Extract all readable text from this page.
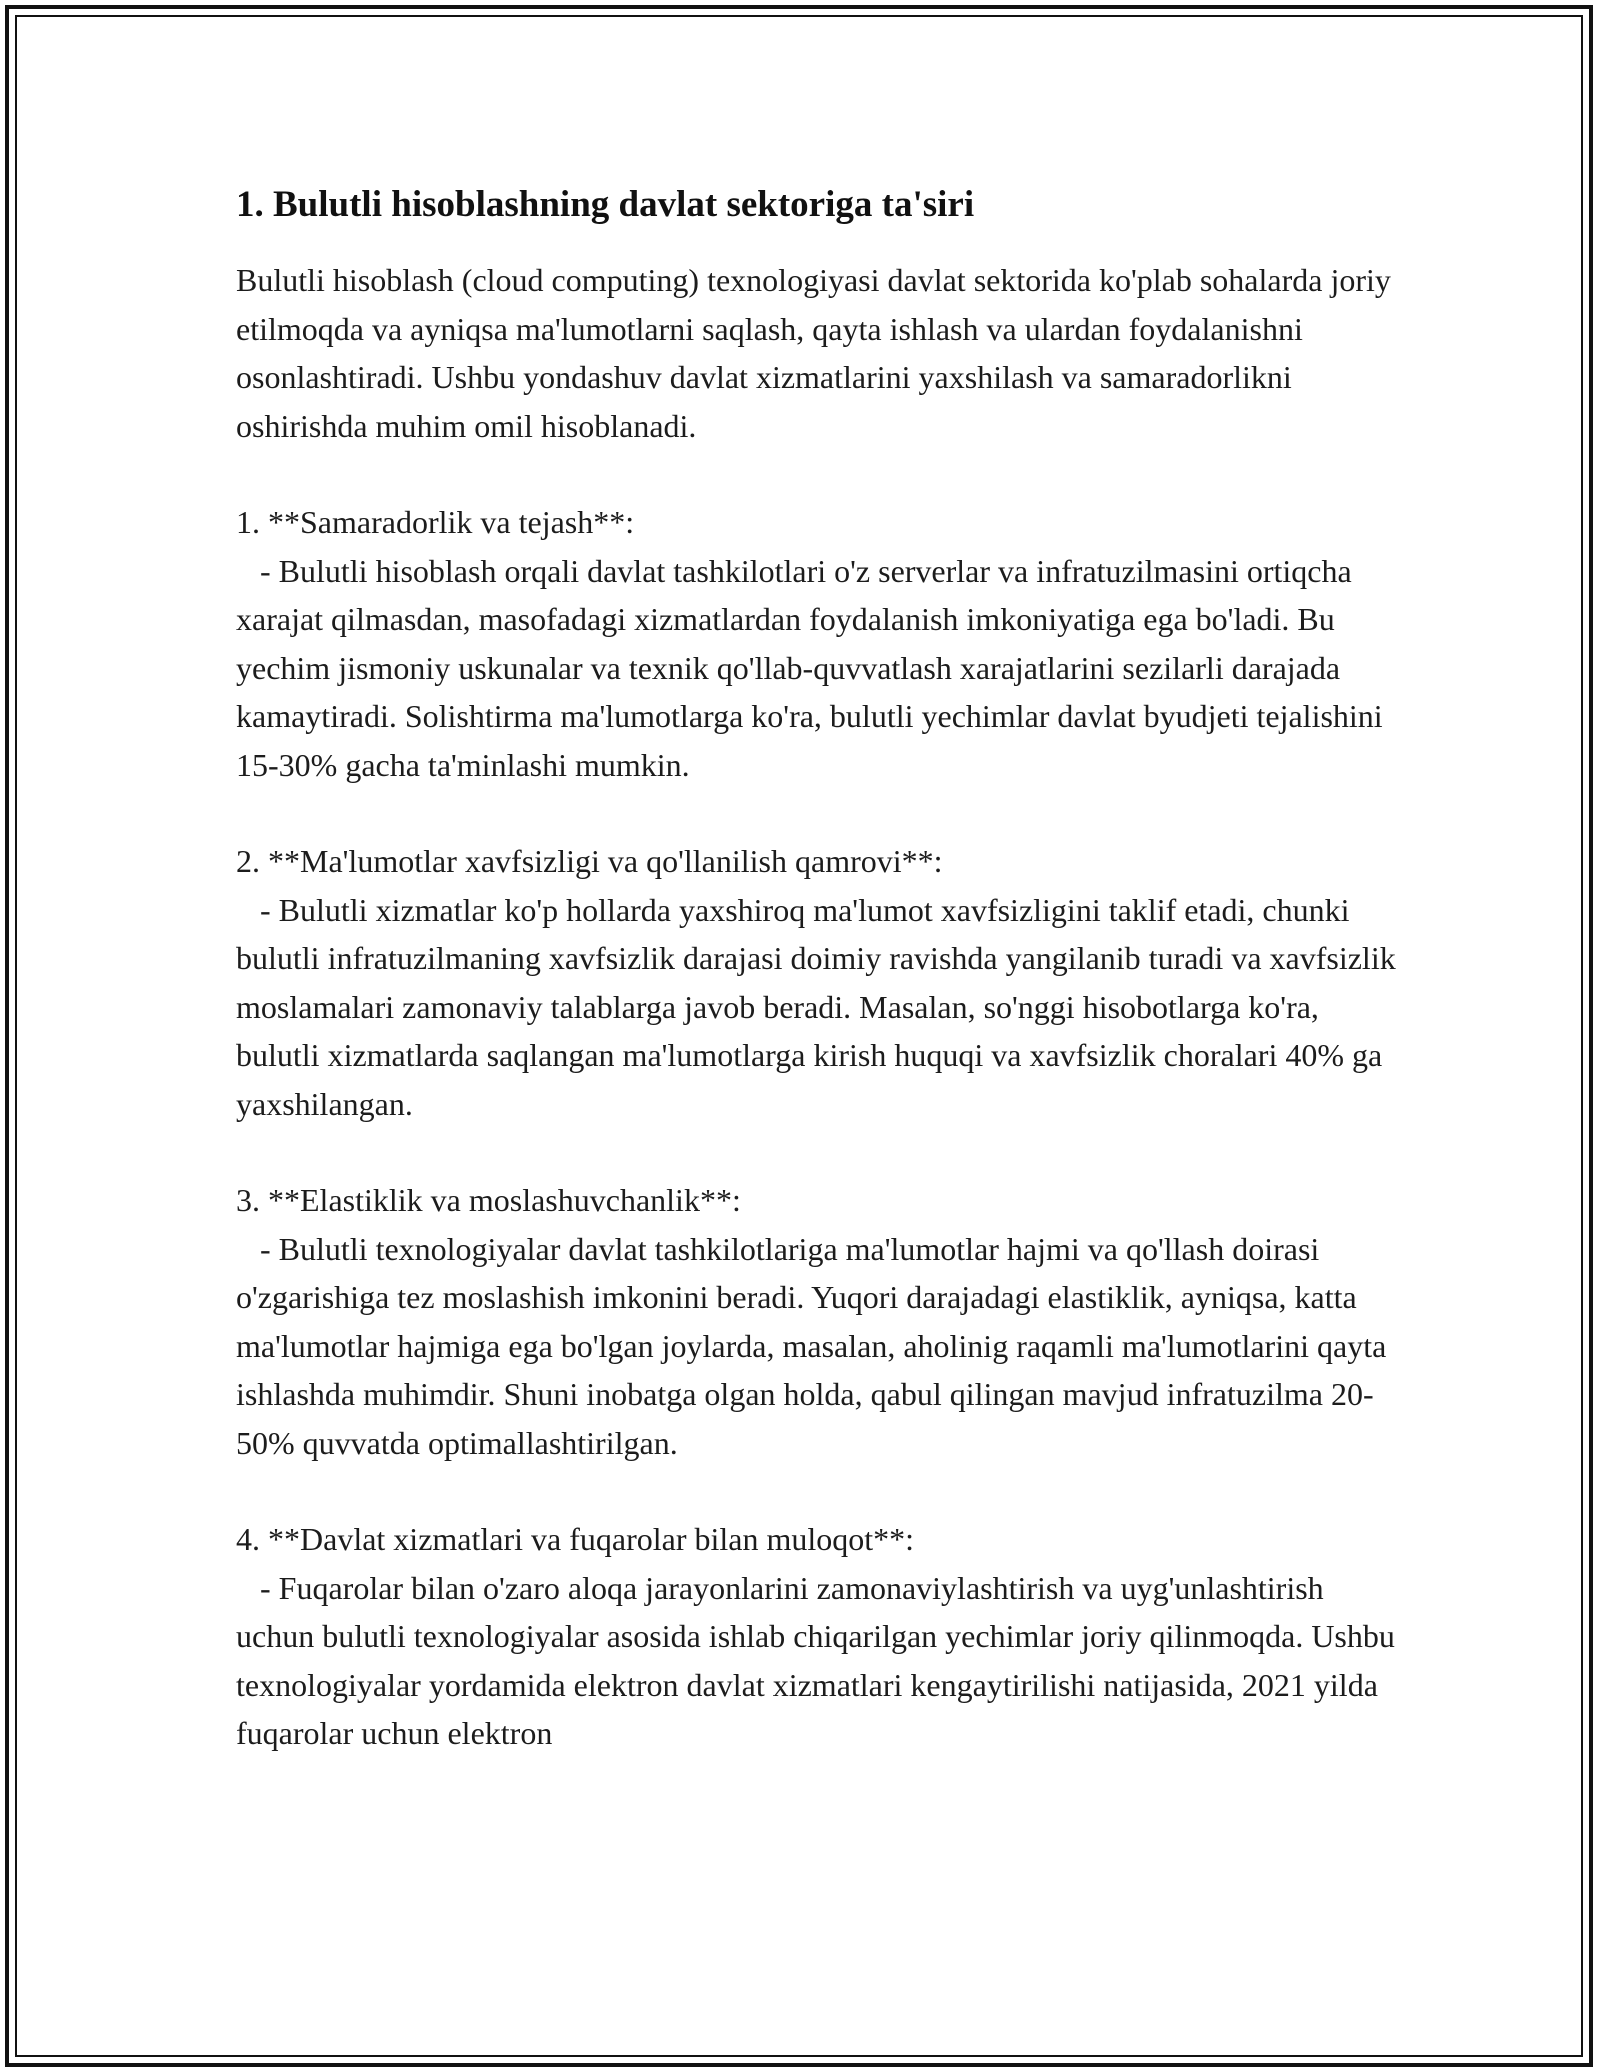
1. Bulutli hisoblashning davlat sektoriga ta'siri

Bulutli hisoblash (cloud computing) texnologiyasi davlat sektorida ko'plab sohalarda joriy etilmoqda va ayniqsa ma'lumotlarni saqlash, qayta ishlash va ulardan foydalanishni osonlashtiradi. Ushbu yondashuv davlat xizmatlarini yaxshilash va samaradorlikni oshirishda muhim omil hisoblanadi.

1. **Samaradorlik va tejash**:
- Bulutli hisoblash orqali davlat tashkilotlari o'z serverlar va infratuzilmasini ortiqcha xarajat qilmasdan, masofadagi xizmatlardan foydalanish imkoniyatiga ega bo'ladi. Bu yechim jismoniy uskunalar va texnik qo'llab-quvvatlash xarajatlarini sezilarli darajada kamaytiradi. Solishtirma ma'lumotlarga ko'ra, bulutli yechimlar davlat byudjeti tejalishini 15-30% gacha ta'minlashi mumkin.

2. **Ma'lumotlar xavfsizligi va qo'llanilish qamrovi**:
- Bulutli xizmatlar ko'p hollarda yaxshiroq ma'lumot xavfsizligini taklif etadi, chunki bulutli infratuzilmaning xavfsizlik darajasi doimiy ravishda yangilanib turadi va xavfsizlik moslamalari zamonaviy talablarga javob beradi. Masalan, so'nggi hisobotlarga ko'ra, bulutli xizmatlarda saqlangan ma'lumotlarga kirish huquqi va xavfsizlik choralari 40% ga yaxshilangan.

3. **Elastiklik va moslashuvchanlik**:
- Bulutli texnologiyalar davlat tashkilotlariga ma'lumotlar hajmi va qo'llash doirasi o'zgarishiga tez moslashish imkonini beradi. Yuqori darajadagi elastiklik, ayniqsa, katta ma'lumotlar hajmiga ega bo'lgan joylarda, masalan, aholinig raqamli ma'lumotlarini qayta ishlashda muhimdir. Shuni inobatga olgan holda, qabul qilingan mavjud infratuzilma 20-50% quvvatda optimallashtirilgan.

4. **Davlat xizmatlari va fuqarolar bilan muloqot**:
- Fuqarolar bilan o'zaro aloqa jarayonlarini zamonaviylashtirish va uyg'unlashtirish uchun bulutli texnologiyalar asosida ishlab chiqarilgan yechimlar joriy qilinmoqda. Ushbu texnologiyalar yordamida elektron davlat xizmatlari kengaytirilishi natijasida, 2021 yilda fuqarolar uchun elektron
